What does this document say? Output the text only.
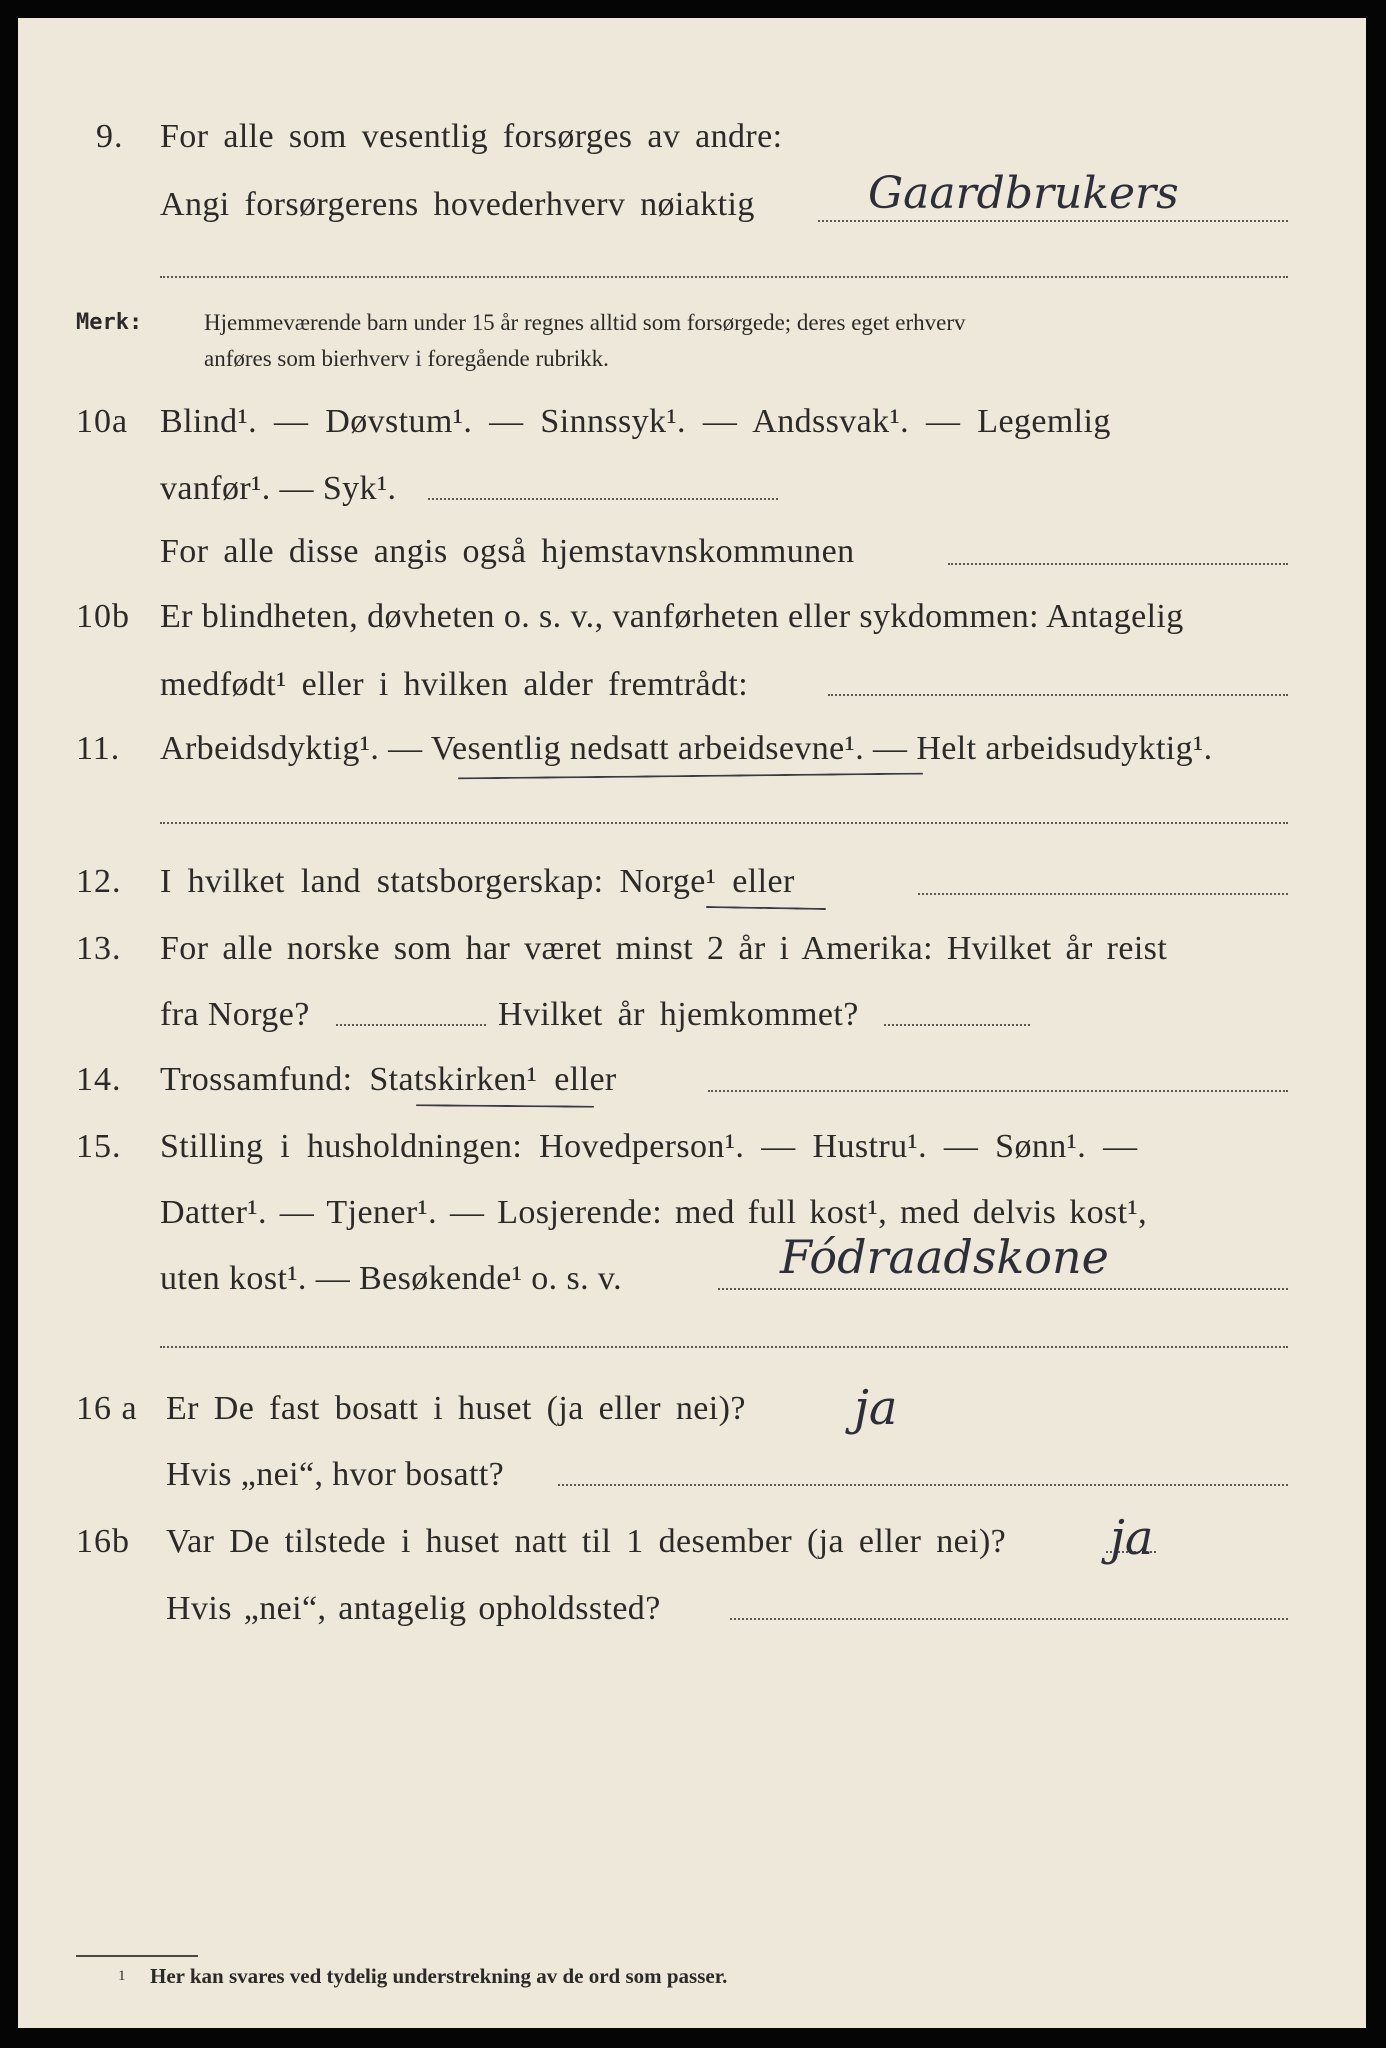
9. For alle som vesentlig forsørges av andre:
Angi forsørgerens hovederhverv nøiaktig	Gaardbrukers
Merk:	Hjemmeværende barn under 15 år regnes alltid som forsørgede; deres eget erhverv
anføres som bierhverv i foregående rubrikk.
10a Blind¹. — Døvstum¹. — Sinnssyk¹. — Andssvak¹. — Legemlig
vanfør¹. — Syk¹.
For alle disse angis også hjemstavnskommunen
10b Er blindheten, døvheten o. s. v., vanførheten eller sykdommen: Antagelig
medfødt¹ eller i hvilken alder fremtrådt:
11. Arbeidsdyktig¹. — Vesentlig nedsatt arbeidsevne¹. — Helt arbeidsudyktig¹.
12. I hvilket land statsborgerskap: Norge¹ eller
13. For alle norske som har været minst 2 år i Amerika: Hvilket år reist
fra Norge?	Hvilket år hjemkommet?
14. Trossamfund: Statskirken¹ eller
15. Stilling i husholdningen: Hovedperson¹. — Hustru¹. — Sønn¹. —
Datter¹. — Tjener¹. — Losjerende: med full kost¹, med delvis kost¹,
uten kost¹. — Besøkende¹ o. s. v.	Fódraadskone
16 a Er De fast bosatt i huset (ja eller nei)? ja
Hvis „nei“, hvor bosatt?
16b Var De tilstede i huset natt til 1 desember (ja eller nei)? ja
Hvis „nei“, antagelig opholdssted?
1 Her kan svares ved tydelig understrekning av de ord som passer.
